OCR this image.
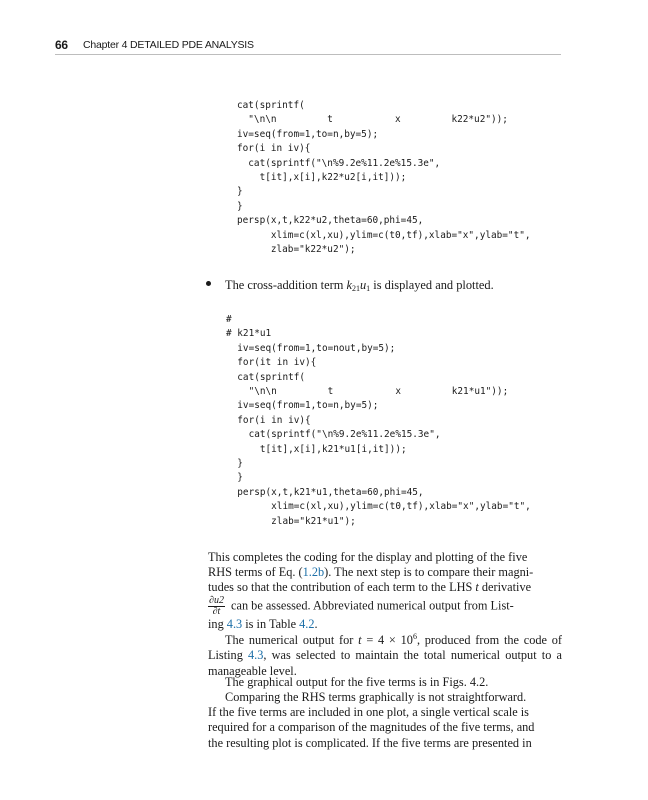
66 Chapter 4 DETAILED PDE ANALYSIS
cat(sprintf(
"\n\n         t           x         k22*u2"));
iv=seq(from=1,to=n,by=5);
for(i in iv){
cat(sprintf("\n%9.2e%11.2e%15.3e",
t[it],x[i],k22*u2[i,it]));
}
}
persp(x,t,k22*u2,theta=60,phi=45,
xlim=c(xl,xu),ylim=c(t0,tf),xlab="x",ylab="t",
zlab="k22*u2");
The cross-addition term $k_{21}u_1$ is displayed and plotted.
#
# k21*u1
iv=seq(from=1,to=nout,by=5);
for(it in iv){
cat(sprintf(
"\n\n         t           x         k21*u1"));
iv=seq(from=1,to=n,by=5);
for(i in iv){
cat(sprintf("\n%9.2e%11.2e%15.3e",
t[it],x[i],k21*u1[i,it]));
}
}
persp(x,t,k21*u1,theta=60,phi=45,
xlim=c(xl,xu),ylim=c(t0,tf),xlab="x",ylab="t",
zlab="k21*u1");

This completes the coding for the display and plotting of the five
RHS terms of Eq. (1.2b). The next step is to compare their magni-
tudes so that the contribution of each term to the LHS t derivative
$\frac{\partial u2}{\partial t}$ can be assessed. Abbreviated numerical output from List-
ing 4.3 is in Table 4.2.

The numerical output for $t = 4 \times 10^6$, produced from the code of Listing 4.3, was selected to maintain the total numerical output to a manageable level.

The graphical output for the five terms is in Figs. 4.2.

Comparing the RHS terms graphically is not straightforward.
If the five terms are included in one plot, a single vertical scale is
required for a comparison of the magnitudes of the five terms, and
the resulting plot is complicated. If the five terms are presented in
